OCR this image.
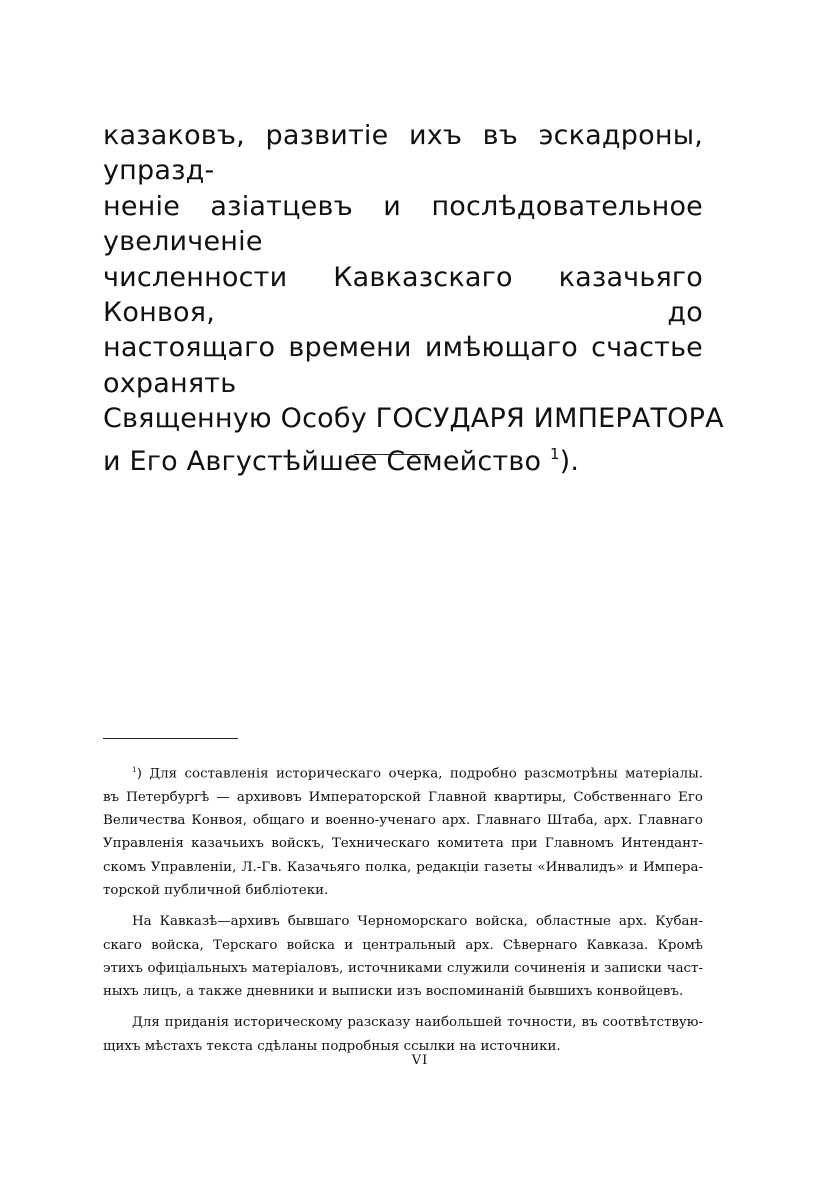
казаковъ, развитіе ихъ въ эскадроны, упразд-
неніе азіатцевъ и послѣдовательное увеличеніе
численности Кавказскаго казачьяго Конвоя, до
настоящаго времени имѣющаго счастье охранять
Священную Особу ГОСУДАРЯ ИМПЕРАТОРА
и Его Августѣйшее Семейство $^1$).
$^1$) Для составленія историческаго очерка, подробно разсмотрѣны матеріалы.
въ Петербургѣ — архивовъ Императорской Главной квартиры, Собственнаго Его
Величества Конвоя, общаго и военно-ученаго арх. Главнаго Штаба, арх. Главнаго
Управленія казачьихъ войскъ, Техническаго комитета при Главномъ Интендант-
скомъ Управленіи, Л.-Гв. Казачьяго полка, редакціи газеты «Инвалидъ» и Импера-
торской публичной библіотеки.
На Кавказѣ—архивъ бывшаго Черноморскаго войска, областные арх. Кубан-
скаго войска, Терскаго войска и центральный арх. Сѣвернаго Кавказа. Кромѣ
этихъ офиціальныхъ матеріаловъ, источниками служили сочиненія и записки част-
ныхъ лицъ, а также дневники и выписки изъ воспоминаній бывшихъ конвойцевъ.
Для приданія историческому разсказу наибольшей точности, въ соотвѣтствую-
щихъ мѣстахъ текста сдѣланы подробныя ссылки на источники.
VI
